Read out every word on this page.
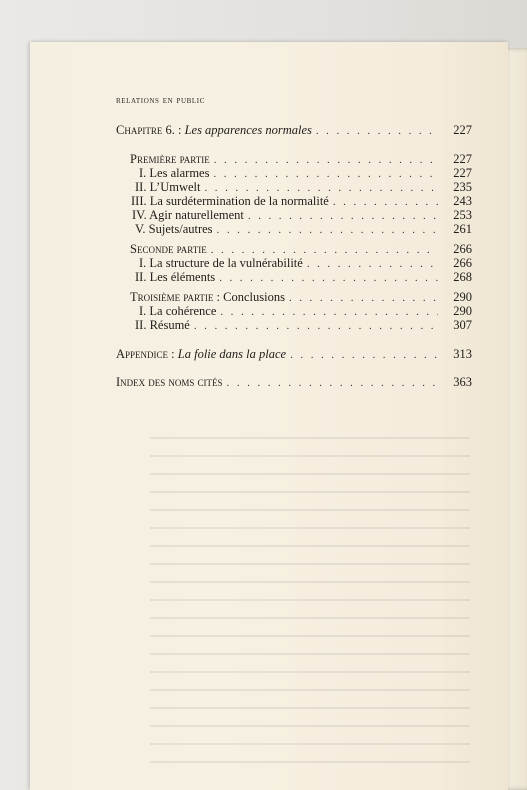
relations en public
Chapitre 6. : Les apparences normales . . .	227
Première partie . . .	227
I. Les alarmes . . .	227
II. L’Umwelt . . .	235
III. La surdétermination de la normalité . . .	243
IV. Agir naturellement . . .	253
V. Sujets/autres . . .	261
Seconde partie . . .	266
I. La structure de la vulnérabilité . . .	266
II. Les éléments . . .	268
Troisième partie : Conclusions . . .	290
I. La cohérence . . .	290
II. Résumé . . .	307
Appendice : La folie dans la place . . .	313
Index des noms cités . . .	363
